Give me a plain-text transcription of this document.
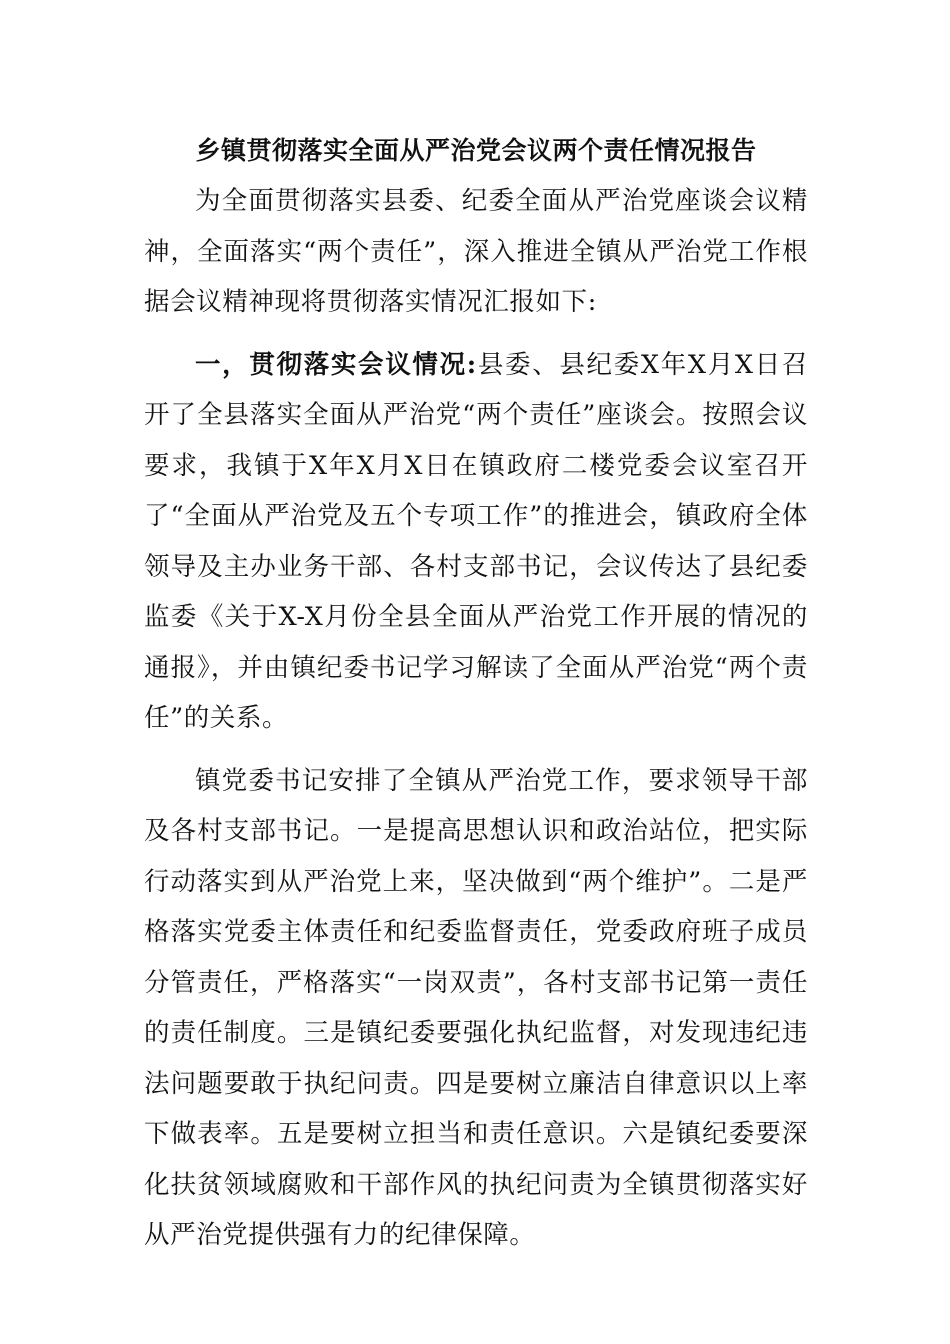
乡镇贯彻落实全面从严治党会议两个责任情况报告

为全面贯彻落实县委、纪委全面从严治党座谈会议精神，全面落实“两个责任”，深入推进全镇从严治党工作根据会议精神现将贯彻落实情况汇报如下:

一，贯彻落实会议情况:县委、县纪委X年X月X日召开了全县落实全面从严治党“两个责任”座谈会。按照会议要求，我镇于X年X月X日在镇政府二楼党委会议室召开了“全面从严治党及五个专项工作”的推进会，镇政府全体领导及主办业务干部、各村支部书记，会议传达了县纪委监委《关于X-X月份全县全面从严治党工作开展的情况的通报》，并由镇纪委书记学习解读了全面从严治党“两个责任”的关系。

镇党委书记安排了全镇从严治党工作，要求领导干部及各村支部书记。一是提高思想认识和政治站位，把实际行动落实到从严治党上来，坚决做到“两个维护”。二是严格落实党委主体责任和纪委监督责任，党委政府班子成员分管责任，严格落实“一岗双责”，各村支部书记第一责任的责任制度。三是镇纪委要强化执纪监督，对发现违纪违法问题要敢于执纪问责。四是要树立廉洁自律意识以上率下做表率。五是要树立担当和责任意识。六是镇纪委要深化扶贫领域腐败和干部作风的执纪问责为全镇贯彻落实好从严治党提供强有力的纪律保障。
